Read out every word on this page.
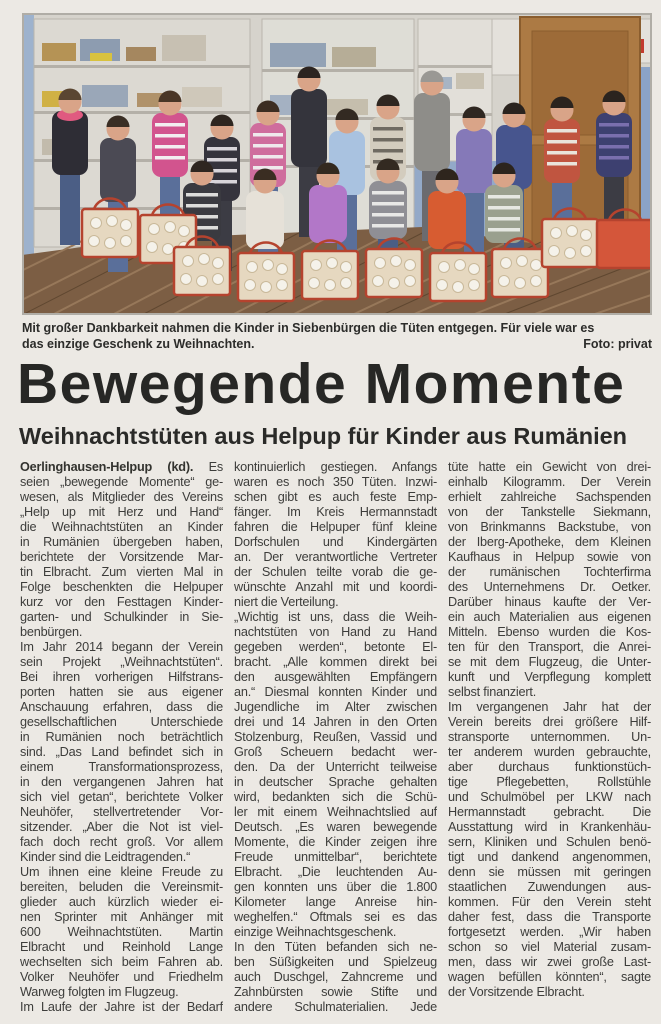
Mit großer Dankbarkeit nahmen die Kinder in Siebenbürgen die Tüten entgegen. Für viele war es
das einzige Geschenk zu Weihnachten.	Foto: privat
Bewegende Momente
Weihnachtstüten aus Helpup für Kinder aus Rumänien
Oerlinghausen-Helpup (kd). Es
seien „bewegende Momente“ ge-
wesen, als Mitglieder des Vereins
„Help up mit Herz und Hand“
die Weihnachtstüten an Kinder
in Rumänien übergeben haben,
berichtete der Vorsitzende Mar-
tin Elbracht. Zum vierten Mal in
Folge beschenkten die Helpuper
kurz vor den Festtagen Kinder-
garten- und Schulkinder in Sie-
benbürgen.
Im Jahr 2014 begann der Verein
sein Projekt „Weihnachtstüten“.
Bei ihren vorherigen Hilfstrans-
porten hatten sie aus eigener
Anschauung erfahren, dass die
gesellschaftlichen Unterschiede
in Rumänien noch beträchtlich
sind. „Das Land befindet sich in
einem Transformationsprozess,
in den vergangenen Jahren hat
sich viel getan“, berichtete Volker
Neuhöfer, stellvertretender Vor-
sitzender. „Aber die Not ist viel-
fach doch recht groß. Vor allem
Kinder sind die Leidtragenden.“
Um ihnen eine kleine Freude zu
bereiten, beluden die Vereinsmit-
glieder auch kürzlich wieder ei-
nen Sprinter mit Anhänger mit
600 Weihnachtstüten. Martin
Elbracht und Reinhold Lange
wechselten sich beim Fahren ab.
Volker Neuhöfer und Friedhelm
Warweg folgten im Flugzeug.
Im Laufe der Jahre ist der Bedarf
kontinuierlich gestiegen. Anfangs
waren es noch 350 Tüten. Inzwi-
schen gibt es auch feste Emp-
fänger. Im Kreis Hermannstadt
fahren die Helpuper fünf kleine
Dorfschulen und Kindergärten
an. Der verantwortliche Vertreter
der Schulen teilte vorab die ge-
wünschte Anzahl mit und koordi-
niert die Verteilung.
„Wichtig ist uns, dass die Weih-
nachtstüten von Hand zu Hand
gegeben werden“, betonte El-
bracht. „Alle kommen direkt bei
den ausgewählten Empfängern
an.“ Diesmal konnten Kinder und
Jugendliche im Alter zwischen
drei und 14 Jahren in den Orten
Stolzenburg, Reußen, Vassid und
Groß Scheuern bedacht wer-
den. Da der Unterricht teilweise
in deutscher Sprache gehalten
wird, bedankten sich die Schü-
ler mit einem Weihnachtslied auf
Deutsch. „Es waren bewegende
Momente, die Kinder zeigen ihre
Freude unmittelbar“, berichtete
Elbracht. „Die leuchtenden Au-
gen konnten uns über die 1.800
Kilometer lange Anreise hin-
weghelfen.“ Oftmals sei es das
einzige Weihnachtsgeschenk.
In den Tüten befanden sich ne-
ben Süßigkeiten und Spielzeug
auch Duschgel, Zahncreme und
Zahnbürsten sowie Stifte und
andere Schulmaterialien. Jede
tüte hatte ein Gewicht von drei-
einhalb Kilogramm. Der Verein
erhielt zahlreiche Sachspenden
von der Tankstelle Siekmann,
von Brinkmanns Backstube, von
der Iberg-Apotheke, dem Kleinen
Kaufhaus in Helpup sowie von
der rumänischen Tochterfirma
des Unternehmens Dr. Oetker.
Darüber hinaus kaufte der Ver-
ein auch Materialien aus eigenen
Mitteln. Ebenso wurden die Kos-
ten für den Transport, die Anrei-
se mit dem Flugzeug, die Unter-
kunft und Verpflegung komplett
selbst finanziert.
Im vergangenen Jahr hat der
Verein bereits drei größere Hilf-
stransporte unternommen. Un-
ter anderem wurden gebrauchte,
aber durchaus funktionstüch-
tige Pflegebetten, Rollstühle
und Schulmöbel per LKW nach
Hermannstadt gebracht. Die
Ausstattung wird in Krankenhäu-
sern, Kliniken und Schulen benö-
tigt und dankend angenommen,
denn sie müssen mit geringen
staatlichen Zuwendungen aus-
kommen. Für den Verein steht
daher fest, dass die Transporte
fortgesetzt werden. „Wir haben
schon so viel Material zusam-
men, dass wir zwei große Last-
wagen befüllen könnten“, sagte
der Vorsitzende Elbracht.
